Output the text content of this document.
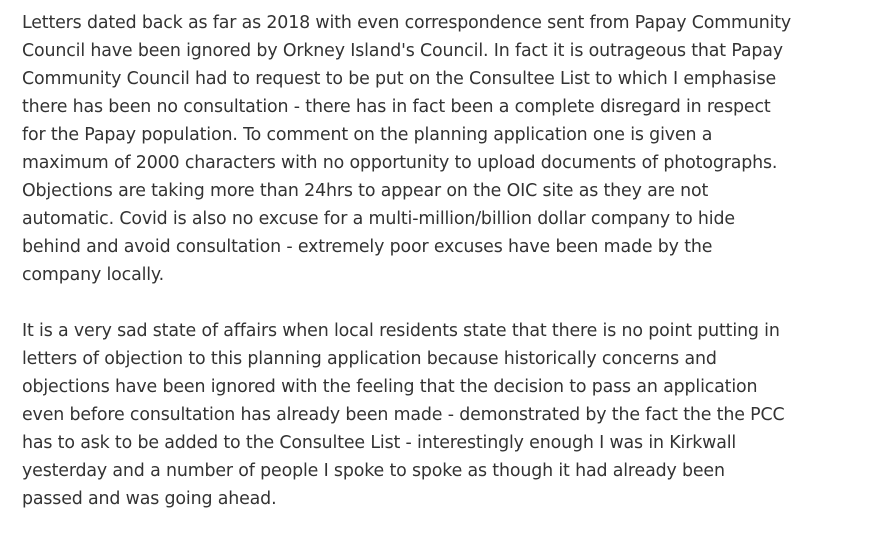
Letters dated back as far as 2018 with even correspondence sent from Papay Community
Council have been ignored by Orkney Island's Council. In fact it is outrageous that Papay
Community Council had to request to be put on the Consultee List to which I emphasise
there has been no consultation - there has in fact been a complete disregard in respect
for the Papay population. To comment on the planning application one is given a
maximum of 2000 characters with no opportunity to upload documents of photographs.
Objections are taking more than 24hrs to appear on the OIC site as they are not
automatic. Covid is also no excuse for a multi-million/billion dollar company to hide
behind and avoid consultation - extremely poor excuses have been made by the
company locally.

It is a very sad state of affairs when local residents state that there is no point putting in
letters of objection to this planning application because historically concerns and
objections have been ignored with the feeling that the decision to pass an application
even before consultation has already been made - demonstrated by the fact the the PCC
has to ask to be added to the Consultee List - interestingly enough I was in Kirkwall
yesterday and a number of people I spoke to spoke as though it had already been
passed and was going ahead.
